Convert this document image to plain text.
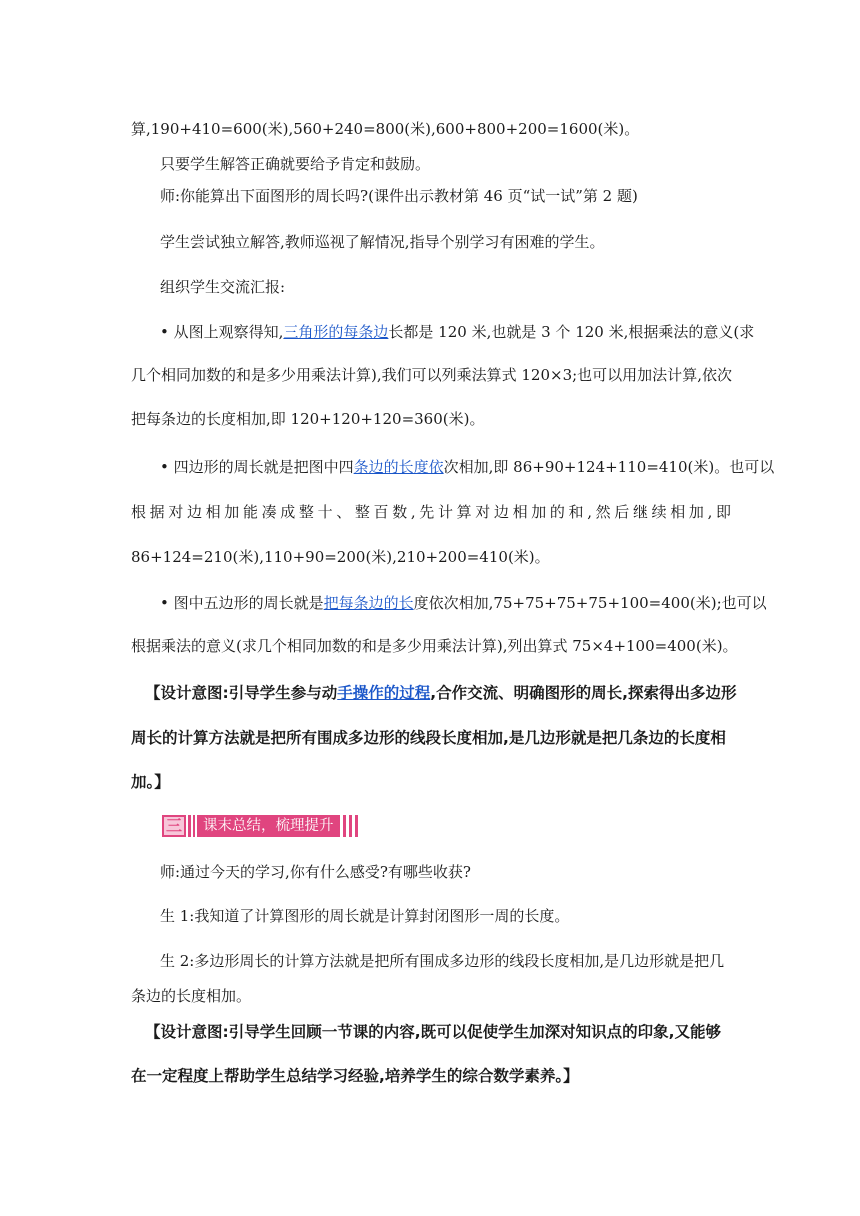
算,190+410=600(米),560+240=800(米),600+800+200=1600(米)。
只要学生解答正确就要给予肯定和鼓励。
师:你能算出下面图形的周长吗?(课件出示教材第 46 页“试一试”第 2 题)
学生尝试独立解答,教师巡视了解情况,指导个别学习有困难的学生。
组织学生交流汇报:
• 从图上观察得知,三角形的每条边长都是 120 米,也就是 3 个 120 米,根据乘法的意义(求
几个相同加数的和是多少用乘法计算),我们可以列乘法算式 120×3;也可以用加法计算,依次
把每条边的长度相加,即 120+120+120=360(米)。
• 四边形的周长就是把图中四条边的长度依次相加,即 86+90+124+110=410(米)。也可以
根据对边相加能凑成整十、整百数,先计算对边相加的和,然后继续相加,即
86+124=210(米),110+90=200(米),210+200=410(米)。
• 图中五边形的周长就是把每条边的长度依次相加,75+75+75+75+100=400(米);也可以
根据乘法的意义(求几个相同加数的和是多少用乘法计算),列出算式 75×4+100=400(米)。
【设计意图:引导学生参与动手操作的过程,合作交流、明确图形的周长,探索得出多边形
周长的计算方法就是把所有围成多边形的线段长度相加,是几边形就是把几条边的长度相
加。】
三	课末总结，梳理提升
师:通过今天的学习,你有什么感受?有哪些收获?
生 1:我知道了计算图形的周长就是计算封闭图形一周的长度。
生 2:多边形周长的计算方法就是把所有围成多边形的线段长度相加,是几边形就是把几
条边的长度相加。
【设计意图:引导学生回顾一节课的内容,既可以促使学生加深对知识点的印象,又能够
在一定程度上帮助学生总结学习经验,培养学生的综合数学素养。】
